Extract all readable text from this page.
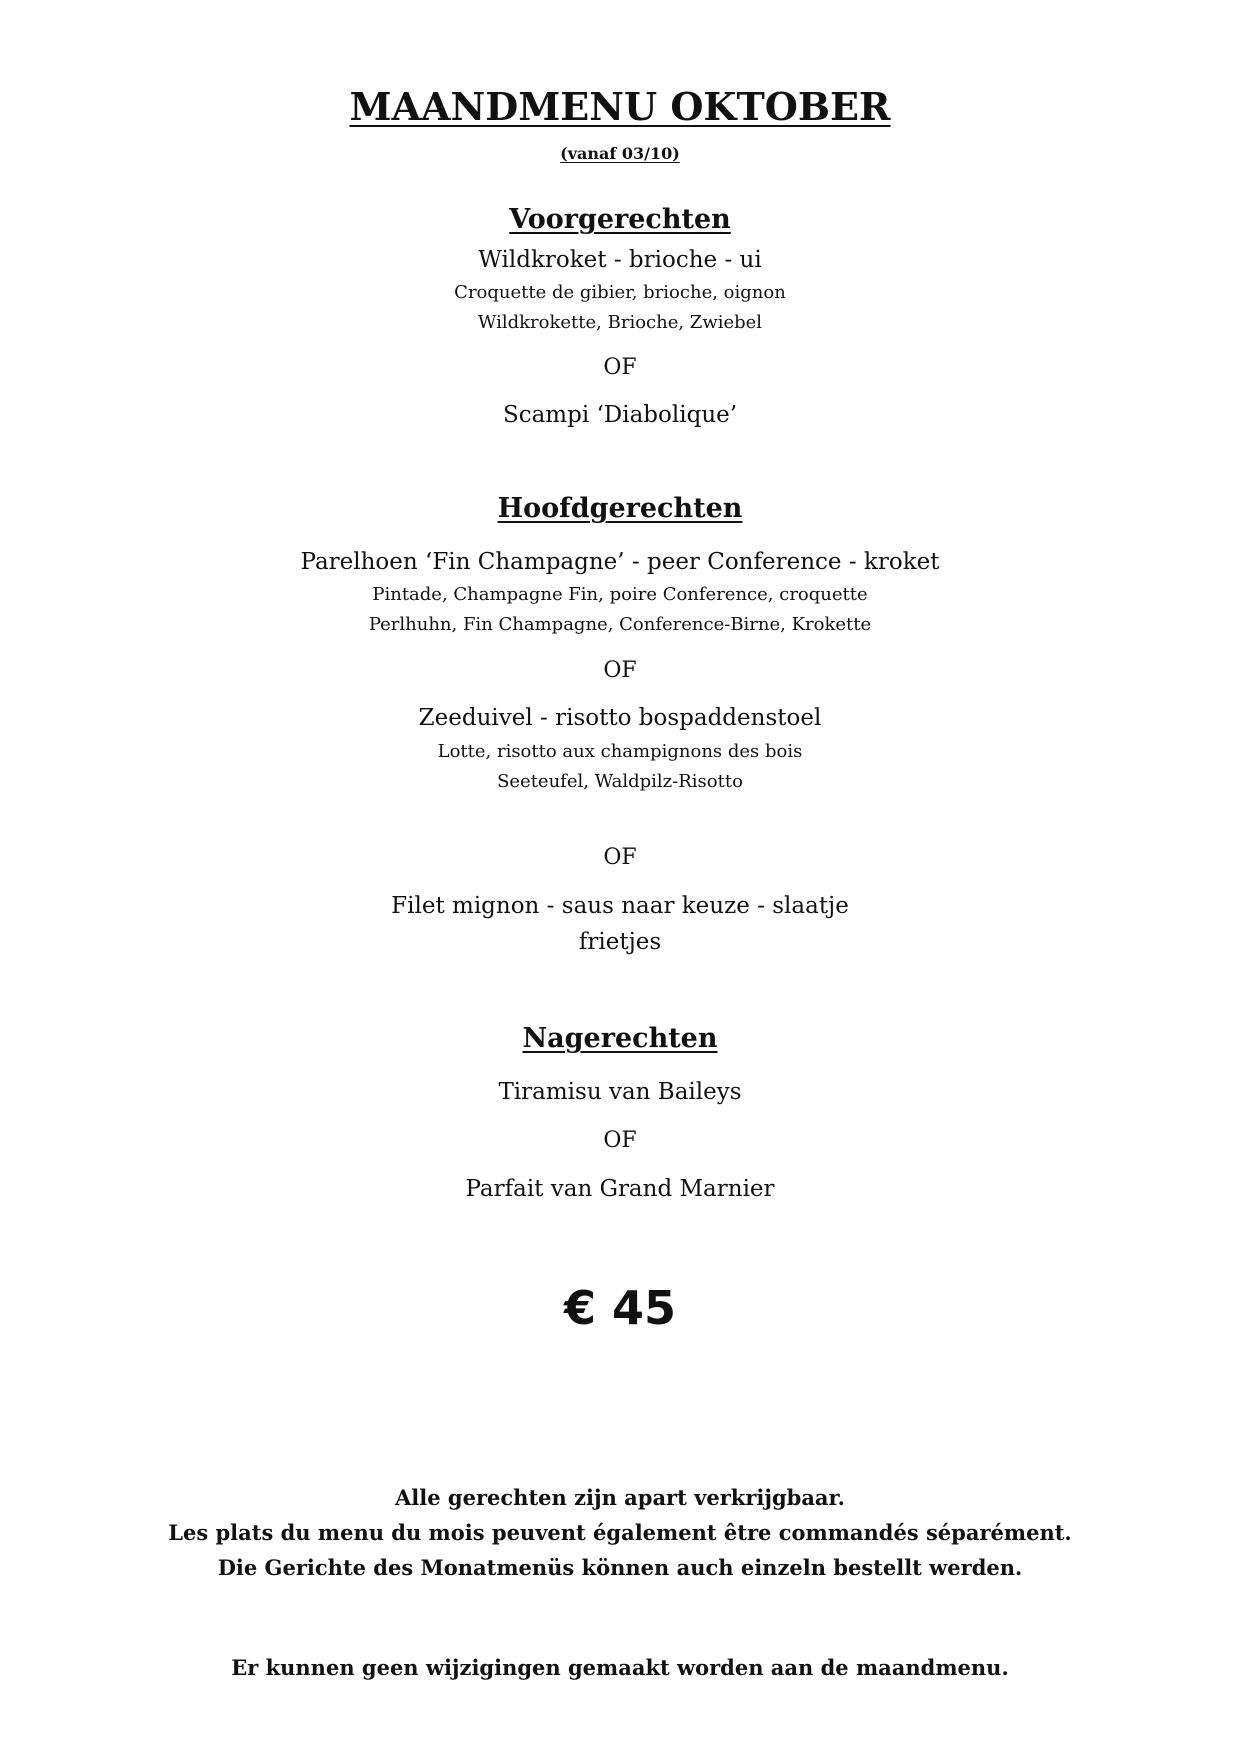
MAANDMENU OKTOBER
(vanaf 03/10)
Voorgerechten
Wildkroket - brioche - ui
Croquette de gibier, brioche, oignon
Wildkrokette, Brioche, Zwiebel
OF
Scampi ‘Diabolique’
Hoofdgerechten
Parelhoen ‘Fin Champagne’ - peer Conference - kroket
Pintade, Champagne Fin, poire Conference, croquette
Perlhuhn, Fin Champagne, Conference-Birne, Krokette
OF
Zeeduivel - risotto bospaddenstoel
Lotte, risotto aux champignons des bois
Seeteufel, Waldpilz-Risotto
OF
Filet mignon - saus naar keuze - slaatje
frietjes
Nagerechten
Tiramisu van Baileys
OF
Parfait van Grand Marnier
€ 45
Alle gerechten zijn apart verkrijgbaar.
Les plats du menu du mois peuvent également être commandés séparément.
Die Gerichte des Monatmenüs können auch einzeln bestellt werden.
Er kunnen geen wijzigingen gemaakt worden aan de maandmenu.
